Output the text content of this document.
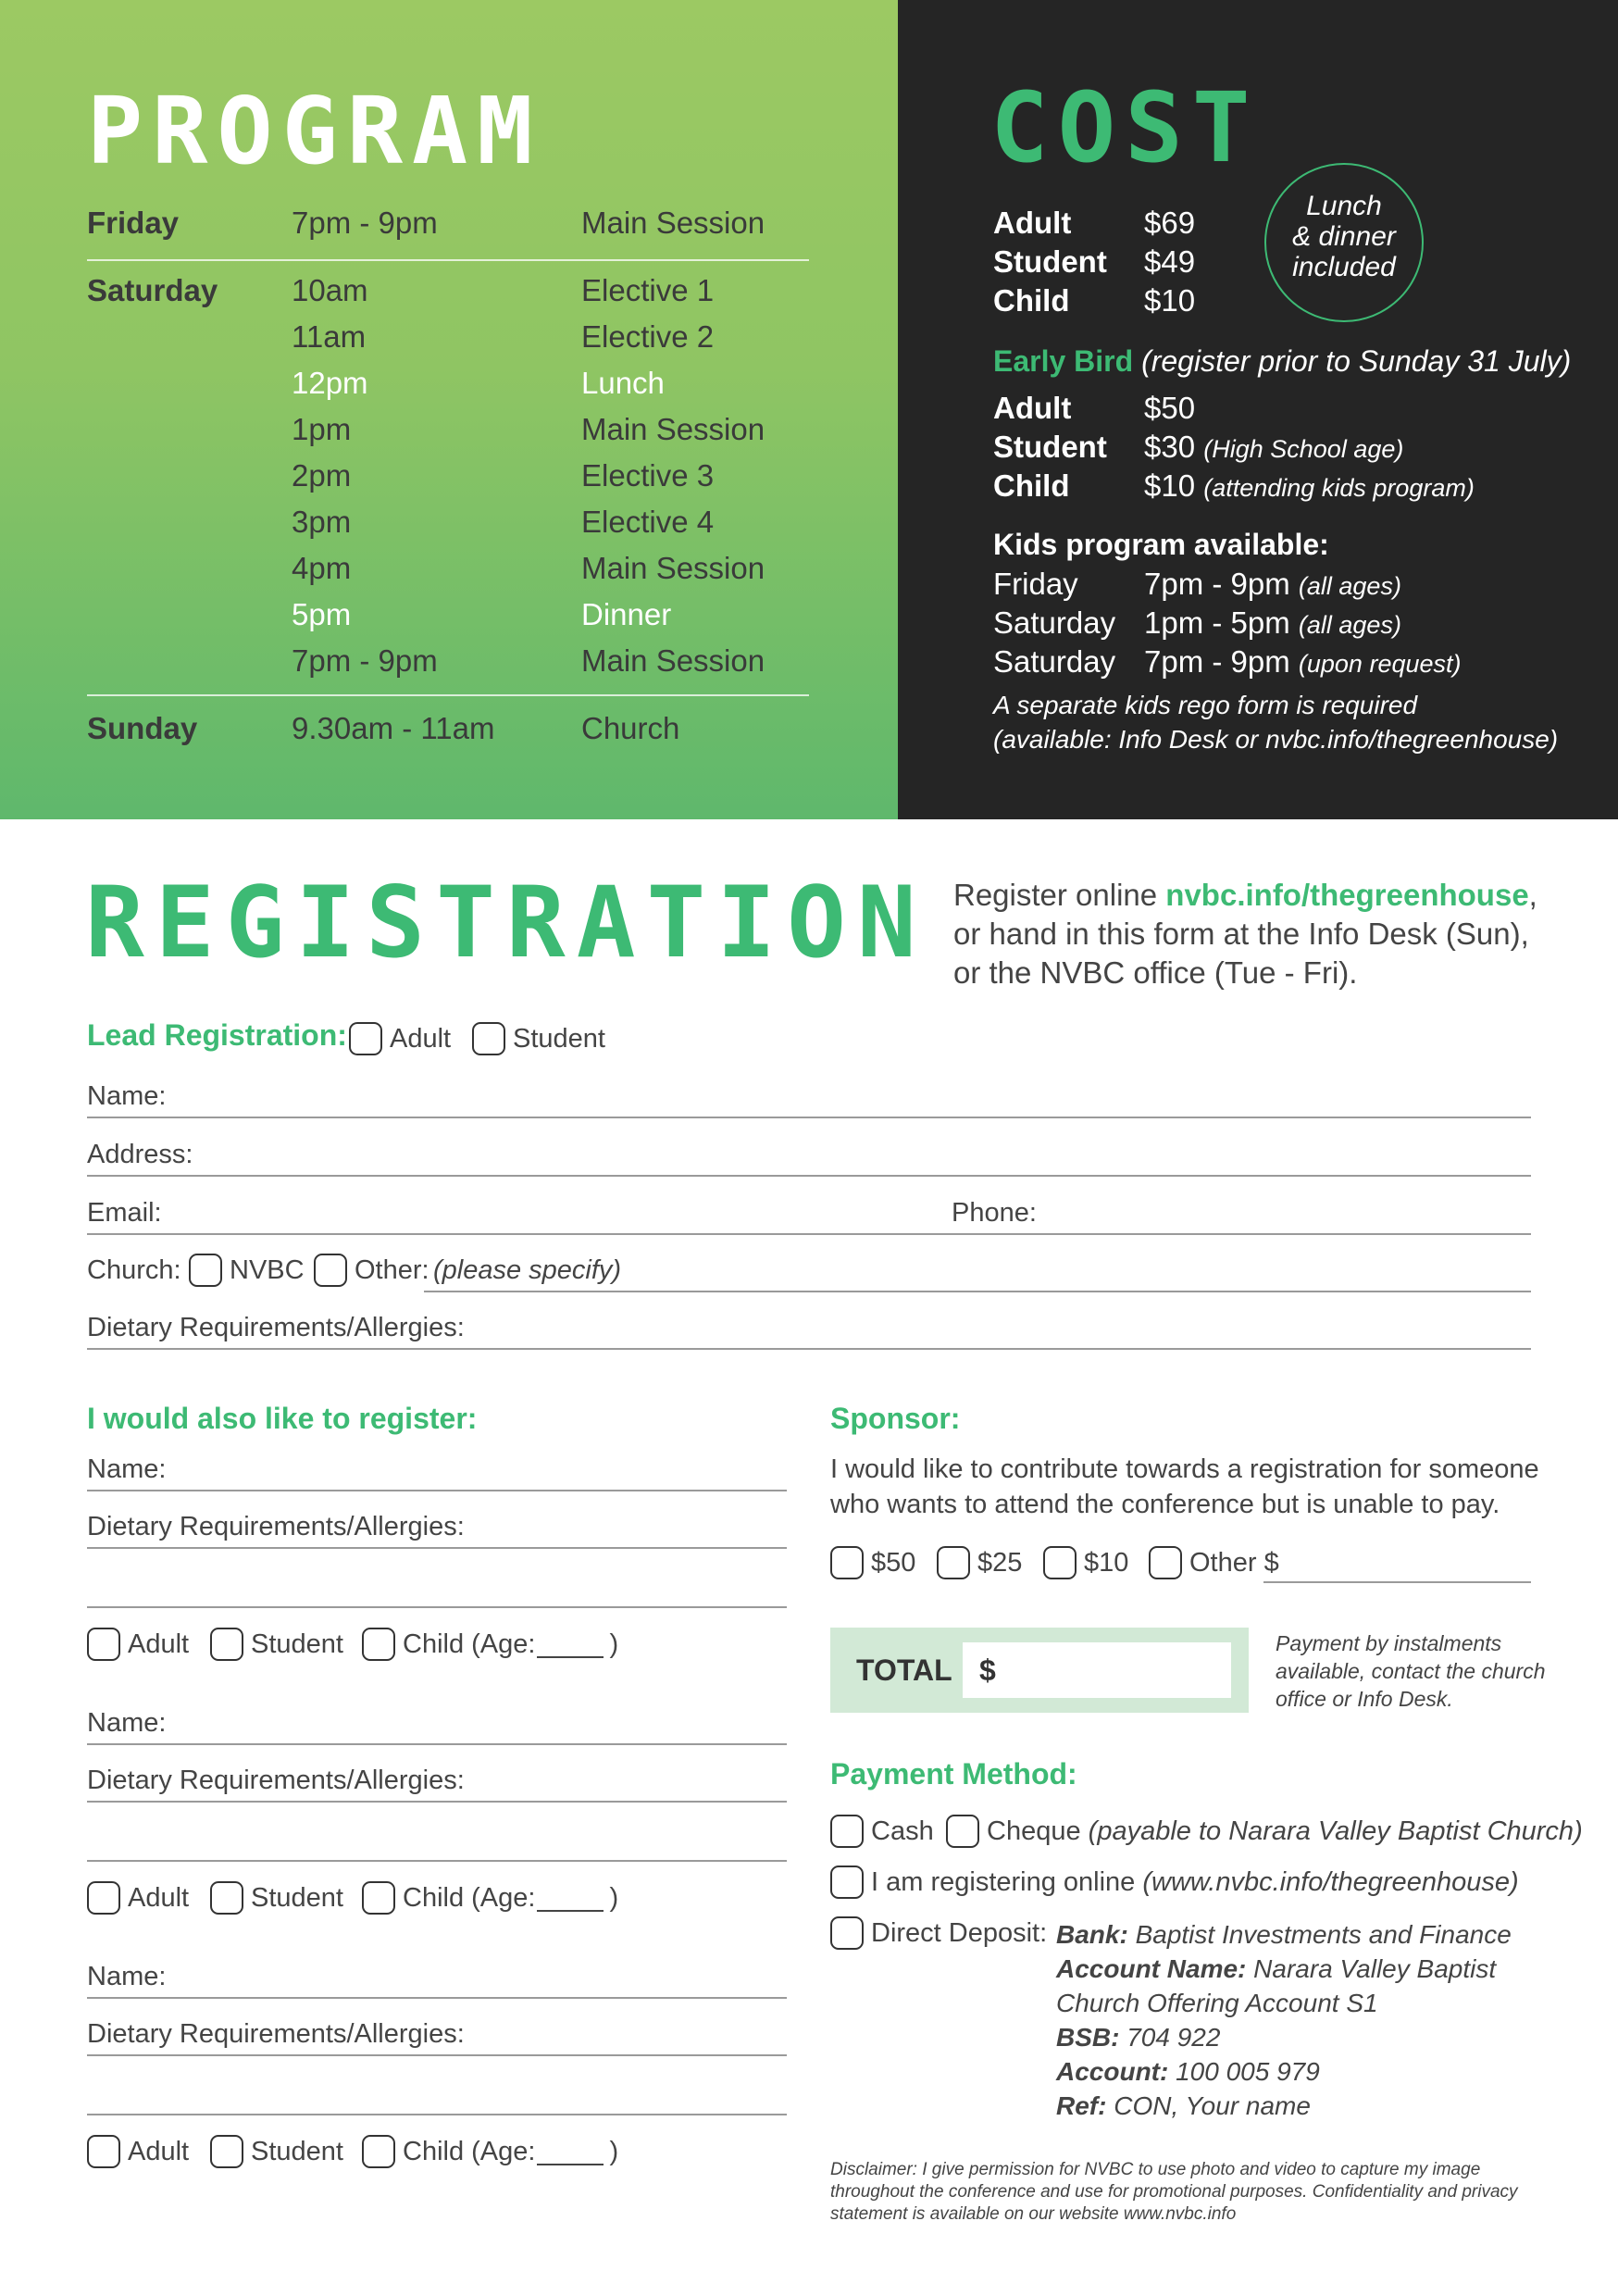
PROGRAM
Friday	7pm - 9pm	Main Session
Saturday 10am	Elective 1
11am	Elective 2
12pm	Lunch
1pm	Main Session
2pm	Elective 3
3pm	Elective 4
4pm	Main Session
5pm	Dinner
7pm - 9pm	Main Session
Sunday	9.30am - 11am	Church
COST
Adult $69
Student $49
Child $10
Lunch
& dinner
included
Early Bird (register prior to Sunday 31 July)
Adult $50
Student $30 (High School age)
Child $10 (attending kids program)
Kids program available:
Friday 7pm - 9pm (all ages)
Saturday 1pm - 5pm (all ages)
Saturday 7pm - 9pm (upon request)
A separate kids rego form is required
(available: Info Desk or nvbc.info/thegreenhouse)
REGISTRATION Register online nvbc.info/thegreenhouse,
or hand in this form at the Info Desk (Sun),
or the NVBC office (Tue - Fri).
Lead Registration: Adult Student
Name:
Address:
Email:	Phone:
Church: NVBC Other: (please specify)
Dietary Requirements/Allergies:
I would also like to register:
Name:
Dietary Requirements/Allergies:
Adult Student Child (Age:	)
Name:
Dietary Requirements/Allergies:
Adult Student Child (Age:	)
Name:
Dietary Requirements/Allergies:
Adult Student Child (Age:	)
Sponsor:
I would like to contribute towards a registration for someone who wants to attend the conference but is unable to pay.
$50 $25 $10 Other $
TOTAL $
Payment by instalments available, contact the church office or Info Desk.
Payment Method:
Cash Cheque
(payable to Narara Valley Baptist Church)
I am registering online
(www.nvbc.info/thegreenhouse)
Direct Deposit: Bank: Baptist Investments and Finance
Account Name: Narara Valley Baptist
Church Offering Account S1
BSB: 704 922
Account: 100 005 979
Ref: CON, Your name
Disclaimer: I give permission for NVBC to use photo and video to capture my image throughout the conference and use for promotional purposes. Confidentiality and privacy statement is available on our website www.nvbc.info
